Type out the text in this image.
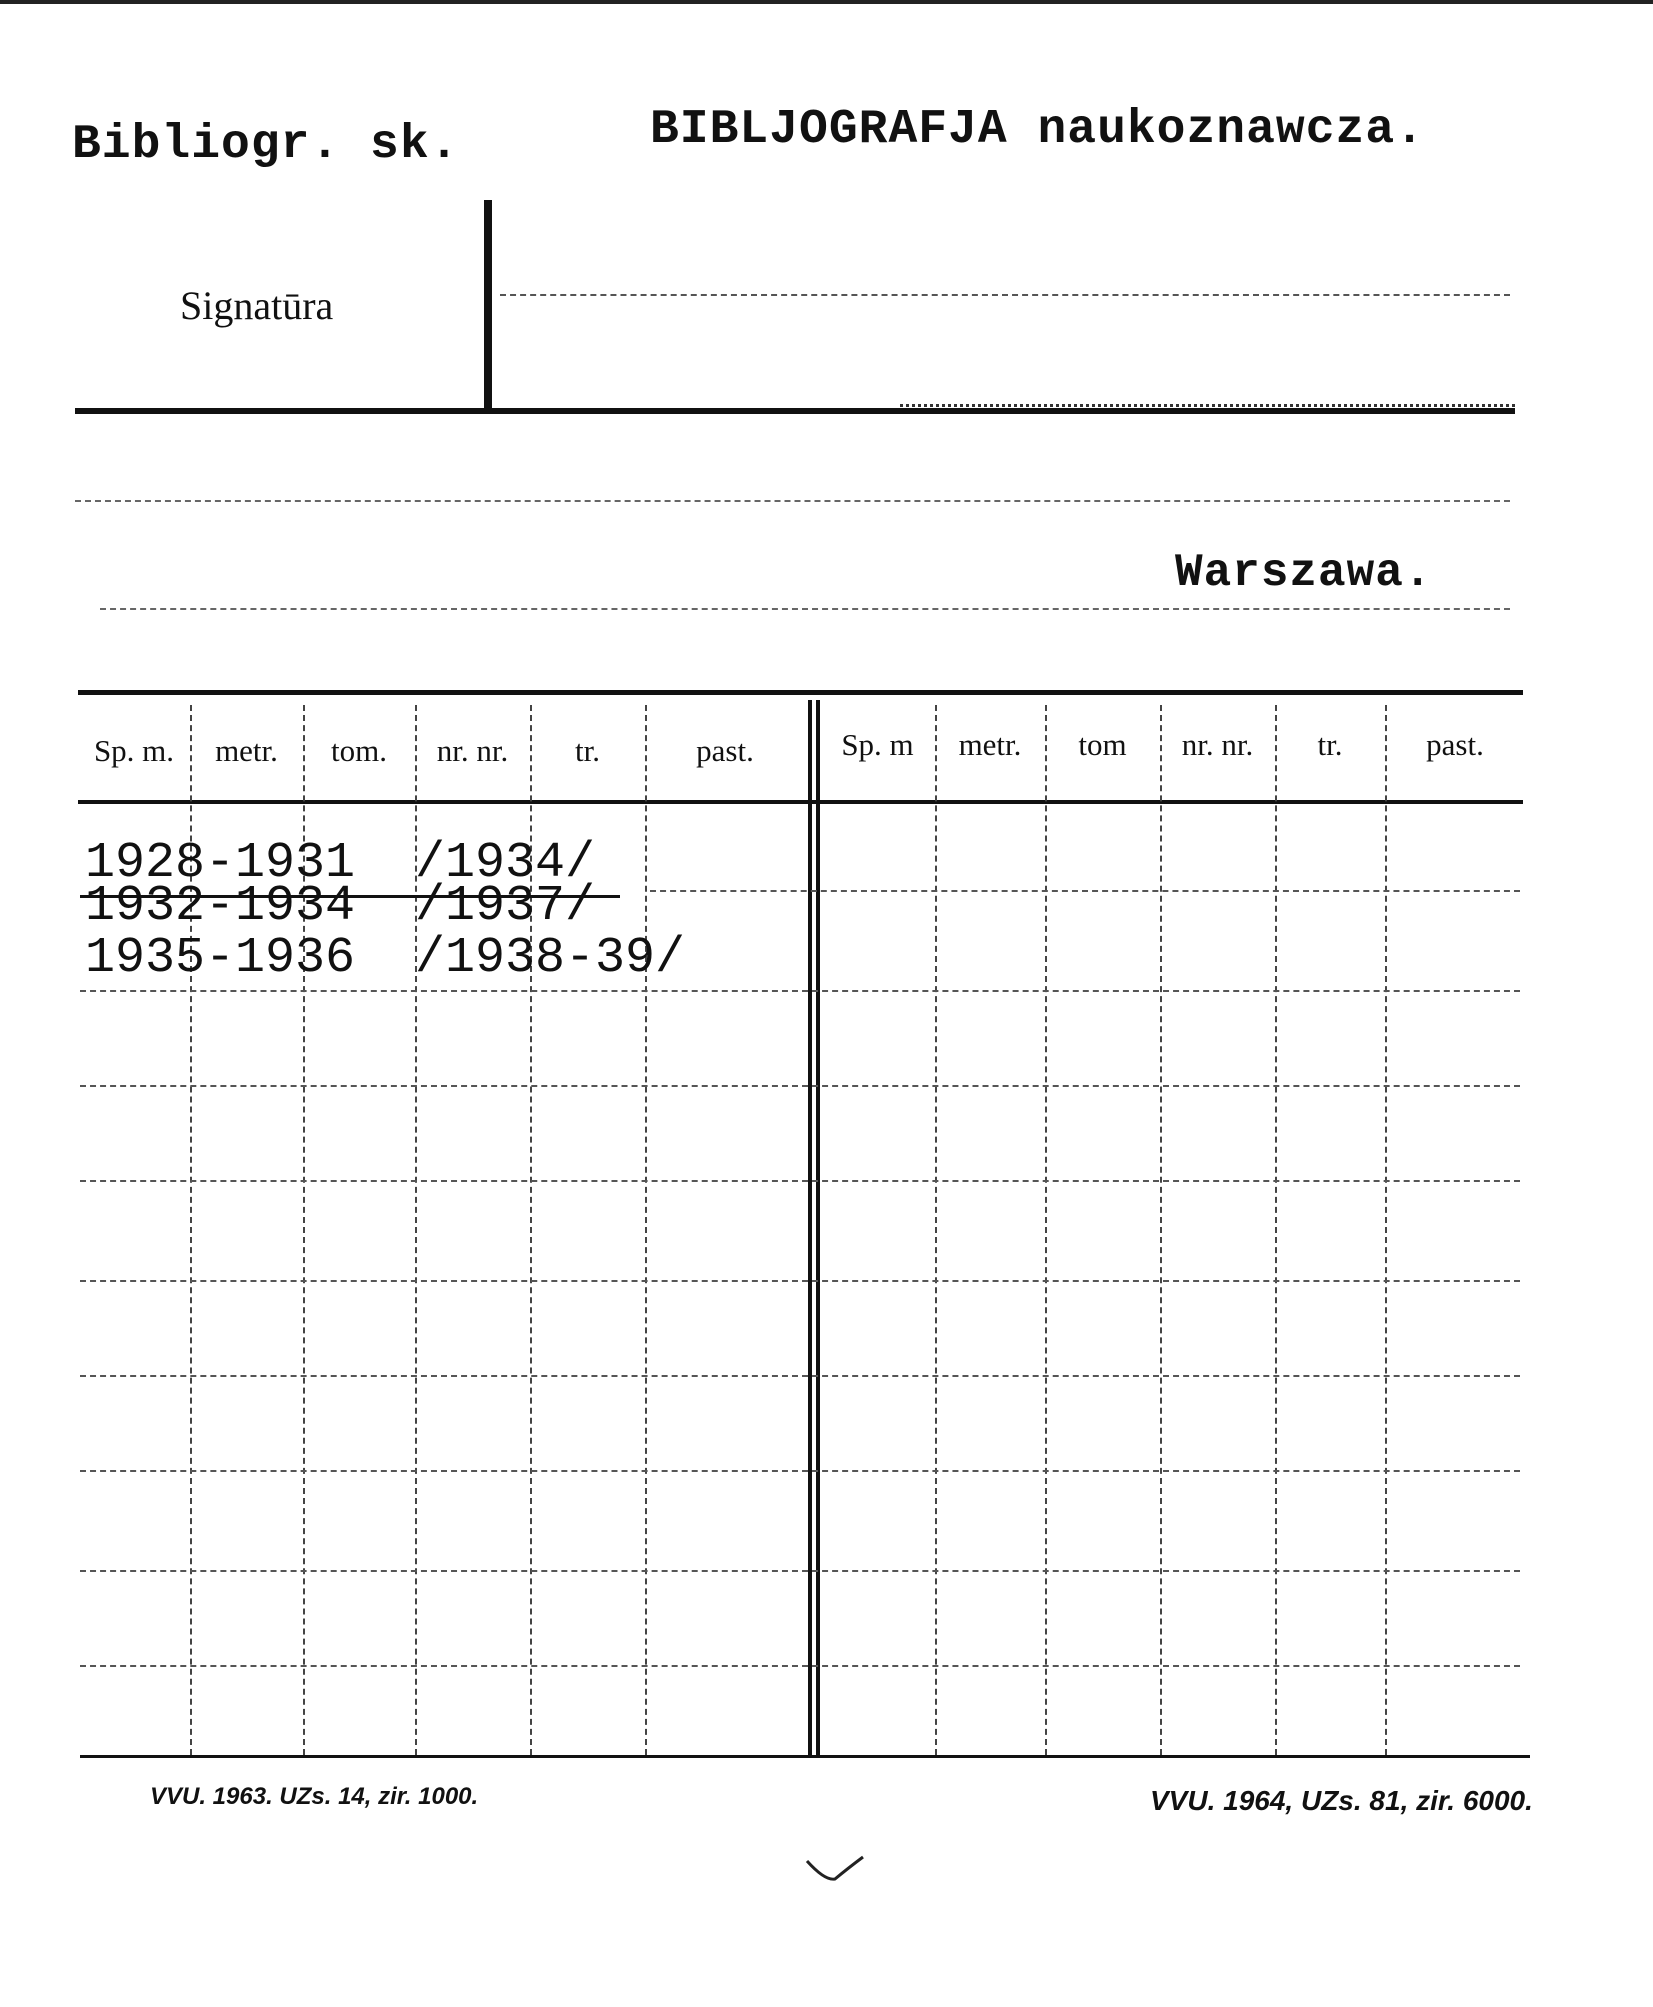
Bibliogr. sk.	BIBLJOGRAFJA naukoznawcza.
Signatūra
Warszawa.
Sp. m.	metr.	tom.	nr. nr.	tr.	past.	Sp. m	metr.	tom	nr. nr.	tr.	past.
1928-1931 /1934/
1932-1934 /1937/
1935-1936 /1938-39/
VVU. 1963. UZs. 14, zir. 1000.	VVU. 1964, UZs. 81, zir. 6000.
